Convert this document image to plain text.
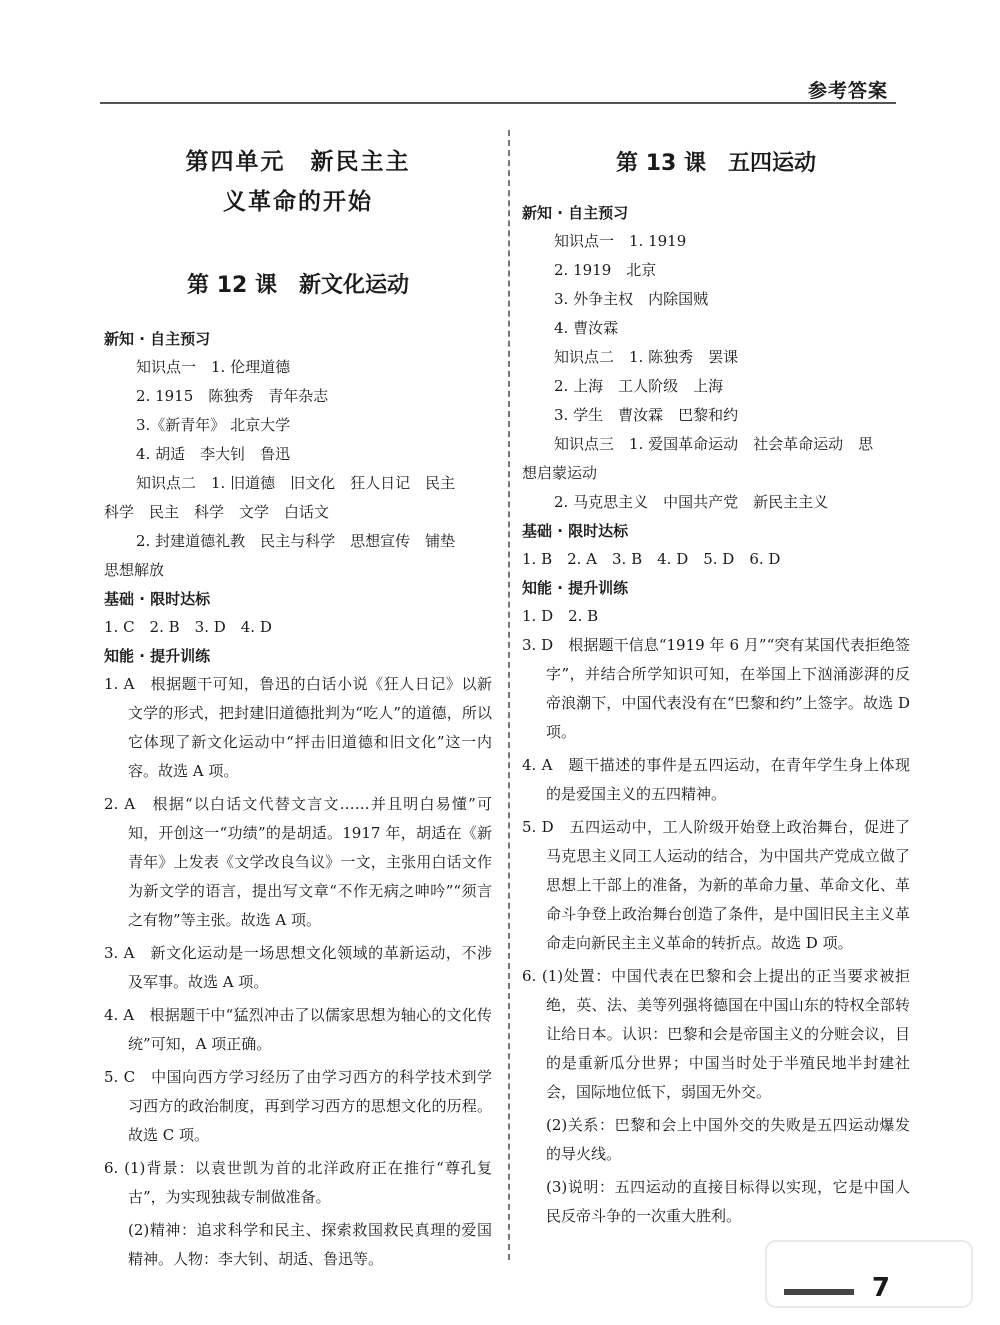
参考答案
第四单元　新民主主
义革命的开始
第 12 课　新文化运动
新知 · 自主预习
知识点一　1. 伦理道德
2. 1915　陈独秀　青年杂志
3.《新青年》 北京大学
4. 胡适　李大钊　鲁迅
知识点二　1. 旧道德　旧文化　狂人日记　民主
科学　民主　科学　文学　白话文
2. 封建道德礼教　民主与科学　思想宣传　铺垫
思想解放
基础 · 限时达标
1. C　2. B　3. D　4. D
知能 · 提升训练
1. A　根据题干可知，鲁迅的白话小说《狂人日记》以新文学的形式，把封建旧道德批判为“吃人”的道德，所以它体现了新文化运动中“抨击旧道德和旧文化”这一内容。故选 A 项。
2. A　根据“以白话文代替文言文……并且明白易懂”可知，开创这一“功绩”的是胡适。1917 年，胡适在《新青年》上发表《文学改良刍议》一文，主张用白话文作为新文学的语言，提出写文章“不作无病之呻吟”“须言之有物”等主张。故选 A 项。
3. A　新文化运动是一场思想文化领域的革新运动，不涉及军事。故选 A 项。
4. A　根据题干中“猛烈冲击了以儒家思想为轴心的文化传统”可知，A 项正确。
5. C　中国向西方学习经历了由学习西方的科学技术到学习西方的政治制度，再到学习西方的思想文化的历程。故选 C 项。
6. (1)背景：以袁世凯为首的北洋政府正在推行“尊孔复古”，为实现独裁专制做准备。
(2)精神：追求科学和民主、探索救国救民真理的爱国精神。人物：李大钊、胡适、鲁迅等。
第 13 课　五四运动
新知 · 自主预习
知识点一　1. 1919
2. 1919　北京
3. 外争主权　内除国贼
4. 曹汝霖
知识点二　1. 陈独秀　罢课
2. 上海　工人阶级　上海
3. 学生　曹汝霖　巴黎和约
知识点三　1. 爱国革命运动　社会革命运动　思
想启蒙运动
2. 马克思主义　中国共产党　新民主主义
基础 · 限时达标
1. B　2. A　3. B　4. D　5. D　6. D
知能 · 提升训练
1. D　2. B
3. D　根据题干信息“1919 年 6 月”“突有某国代表拒绝签字”，并结合所学知识可知，在举国上下汹涌澎湃的反帝浪潮下，中国代表没有在“巴黎和约”上签字。故选 D 项。
4. A　题干描述的事件是五四运动，在青年学生身上体现的是爱国主义的五四精神。
5. D　五四运动中，工人阶级开始登上政治舞台，促进了马克思主义同工人运动的结合，为中国共产党成立做了思想上干部上的准备，为新的革命力量、革命文化、革命斗争登上政治舞台创造了条件，是中国旧民主主义革命走向新民主主义革命的转折点。故选 D 项。
6. (1)处置：中国代表在巴黎和会上提出的正当要求被拒绝，英、法、美等列强将德国在中国山东的特权全部转让给日本。认识：巴黎和会是帝国主义的分赃会议，目的是重新瓜分世界；中国当时处于半殖民地半封建社会，国际地位低下，弱国无外交。
(2)关系：巴黎和会上中国外交的失败是五四运动爆发的导火线。
(3)说明：五四运动的直接目标得以实现，它是中国人民反帝斗争的一次重大胜利。
7
